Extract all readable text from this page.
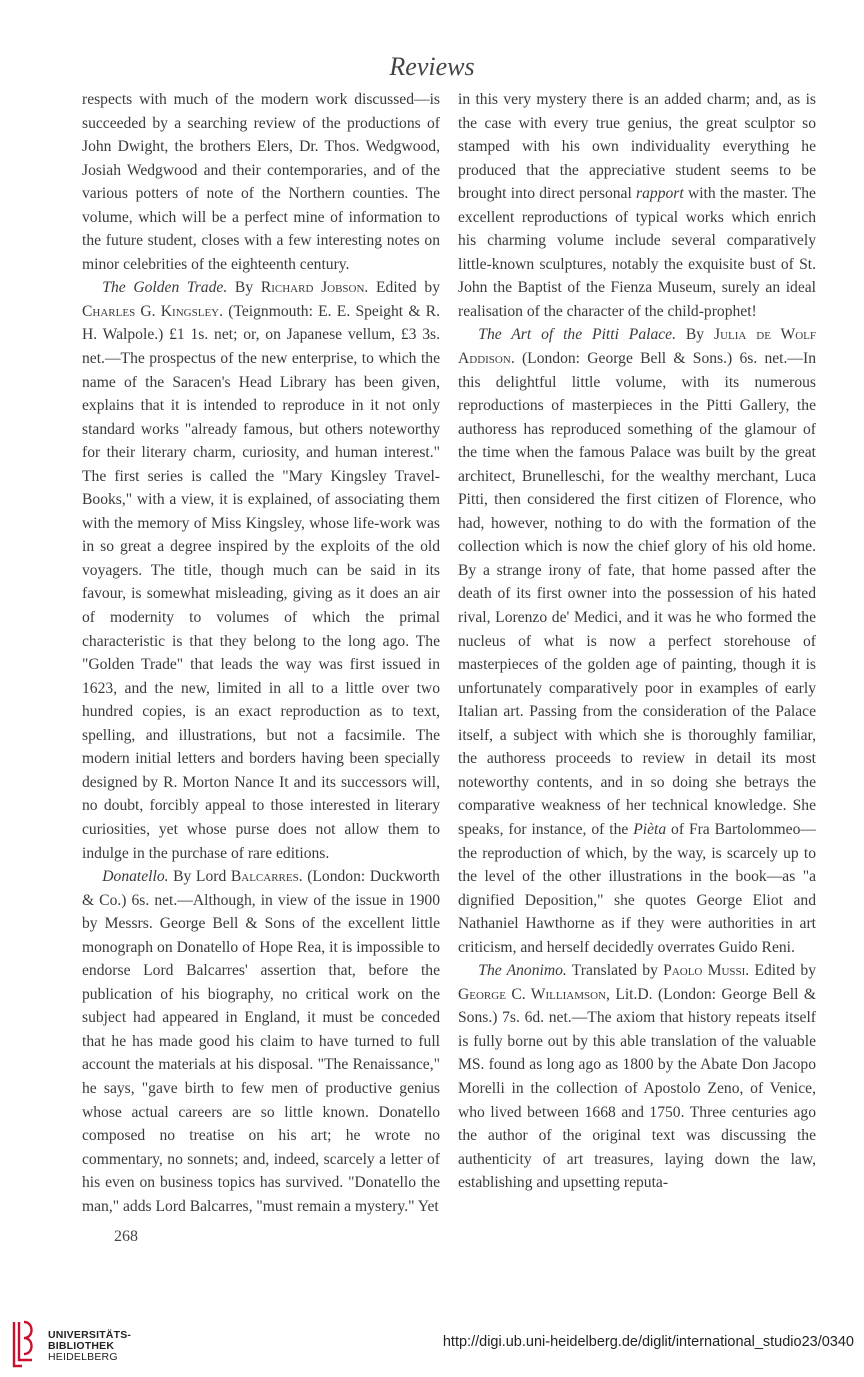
Reviews

respects with much of the modern work discussed—is succeeded by a searching review of the productions of John Dwight, the brothers Elers, Dr. Thos. Wedgwood, Josiah Wedgwood and their contemporaries, and of the various potters of note of the Northern counties. The volume, which will be a perfect mine of information to the future student, closes with a few interesting notes on minor celebrities of the eighteenth century.

The Golden Trade. By Richard Jobson. Edited by Charles G. Kingsley. (Teignmouth: E. E. Speight & R. H. Walpole.) £1 1s. net; or, on Japanese vellum, £3 3s. net.—The prospectus of the new enterprise, to which the name of the Saracen's Head Library has been given, explains that it is intended to reproduce in it not only standard works "already famous, but others noteworthy for their literary charm, curiosity, and human interest." The first series is called the "Mary Kingsley Travel-Books," with a view, it is explained, of associating them with the memory of Miss Kingsley, whose life-work was in so great a degree inspired by the exploits of the old voyagers. The title, though much can be said in its favour, is somewhat misleading, giving as it does an air of modernity to volumes of which the primal characteristic is that they belong to the long ago. The "Golden Trade" that leads the way was first issued in 1623, and the new, limited in all to a little over two hundred copies, is an exact reproduction as to text, spelling, and illustrations, but not a facsimile. The modern initial letters and borders having been specially designed by R. Morton Nance It and its successors will, no doubt, forcibly appeal to those interested in literary curiosities, yet whose purse does not allow them to indulge in the purchase of rare editions.

Donatello. By Lord Balcarres. (London: Duckworth & Co.) 6s. net.—Although, in view of the issue in 1900 by Messrs. George Bell & Sons of the excellent little monograph on Donatello of Hope Rea, it is impossible to endorse Lord Balcarres' assertion that, before the publication of his biography, no critical work on the subject had appeared in England, it must be conceded that he has made good his claim to have turned to full account the materials at his disposal. "The Renaissance," he says, "gave birth to few men of productive genius whose actual careers are so little known. Donatello composed no treatise on his art; he wrote no commentary, no sonnets; and, indeed, scarcely a letter of his even on business topics has survived. "Donatello the man," adds Lord Balcarres, "must remain a mystery." Yet

in this very mystery there is an added charm; and, as is the case with every true genius, the great sculptor so stamped with his own individuality everything he produced that the appreciative student seems to be brought into direct personal rapport with the master. The excellent reproductions of typical works which enrich his charming volume include several comparatively little-known sculptures, notably the exquisite bust of St. John the Baptist of the Fienza Museum, surely an ideal realisation of the character of the child-prophet!

The Art of the Pitti Palace. By Julia de Wolf Addison. (London: George Bell & Sons.) 6s. net.—In this delightful little volume, with its numerous reproductions of masterpieces in the Pitti Gallery, the authoress has reproduced something of the glamour of the time when the famous Palace was built by the great architect, Brunelleschi, for the wealthy merchant, Luca Pitti, then considered the first citizen of Florence, who had, however, nothing to do with the formation of the collection which is now the chief glory of his old home. By a strange irony of fate, that home passed after the death of its first owner into the possession of his hated rival, Lorenzo de' Medici, and it was he who formed the nucleus of what is now a perfect storehouse of masterpieces of the golden age of painting, though it is unfortunately comparatively poor in examples of early Italian art. Passing from the consideration of the Palace itself, a subject with which she is thoroughly familiar, the authoress proceeds to review in detail its most noteworthy contents, and in so doing she betrays the comparative weakness of her technical knowledge. She speaks, for instance, of the Pièta of Fra Bartolommeo—the reproduction of which, by the way, is scarcely up to the level of the other illustrations in the book—as "a dignified Deposition," she quotes George Eliot and Nathaniel Hawthorne as if they were authorities in art criticism, and herself decidedly overrates Guido Reni.

The Anonimo. Translated by Paolo Mussi. Edited by George C. Williamson, Lit.D. (London: George Bell & Sons.) 7s. 6d. net.—The axiom that history repeats itself is fully borne out by this able translation of the valuable MS. found as long ago as 1800 by the Abate Don Jacopo Morelli in the collection of Apostolo Zeno, of Venice, who lived between 1668 and 1750. Three centuries ago the author of the original text was discussing the authenticity of art treasures, laying down the law, establishing and upsetting reputa-

268
UNIVERSITÄTS-
BIBLIOTHEK
HEIDELBERG
http://digi.ub.uni-heidelberg.de/diglit/international_studio23/0340
